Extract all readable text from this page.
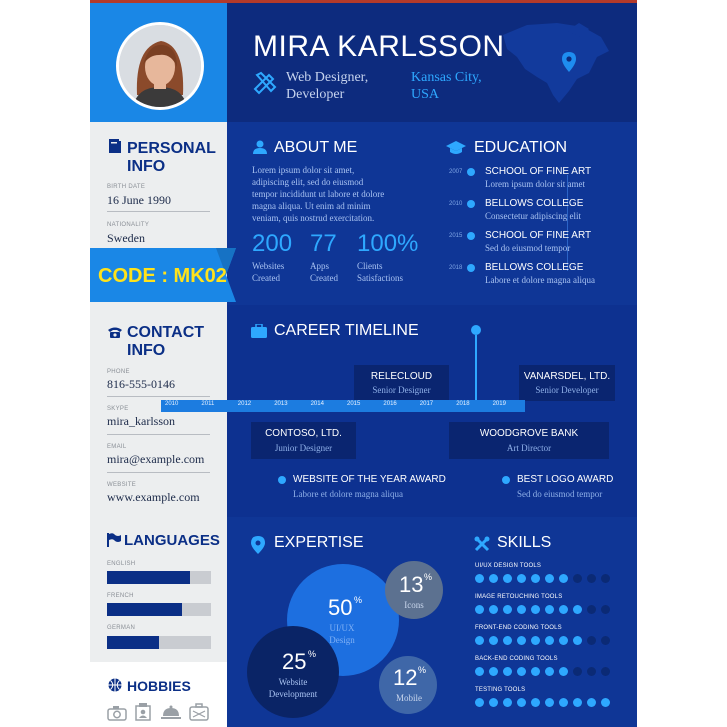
PERSONAL
INFO
BIRTH DATE
16 June 1990
NATIONALITY
Sweden
CONTACT
INFO
PHONE
816-555-0146
SKYPE
mira_karlsson
EMAIL
mira@example.com
WEBSITE
www.example.com
LANGUAGES
ENGLISH
FRENCH
GERMAN
HOBBIES
MIRA KARLSSON
Web Designer,
Developer
Kansas City,
USA
ABOUT ME
Lorem ipsum dolor sit amet,
adipiscing elit, sed do eiusmod
tempor incididunt ut labore et dolore
magna aliqua. Ut enim ad minim
veniam, quis nostrud exercitation.
200
Websites
Created
77
Apps
Created
100%
Clients
Satisfactions
EDUCATION
2007 SCHOOL OF FINE ART
Lorem ipsum dolor sit amet
2010 BELLOWS COLLEGE
Consectetur adipiscing elit
2015 SCHOOL OF FINE ART
Sed do eiusmod tempor
2018 BELLOWS COLLEGE
Labore et dolore magna aliqua
CAREER TIMELINE
RELECLOUD
Senior Designer
VANARSDEL, LTD.
Senior Developer
CONTOSO, LTD.
Junior Designer
WOODGROVE BANK
Art Director
WEBSITE OF THE YEAR AWARD
Labore et dolore magna aliqua
BEST LOGO AWARD
Sed do eiusmod tempor
EXPERTISE
50 %
UI/UX
Design
13 %
Icons
25 %
Website
Development
12 %
Mobile
SKILLS
UI/UX DESIGN TOOLS
IMAGE RETOUCHING TOOLS
FRONT-END CODING TOOLS
BACK-END CODING TOOLS
TESTING TOOLS
CODE : MK02
2010	2011	2012	2013	2014	2015	2016	2017	2018	2019
